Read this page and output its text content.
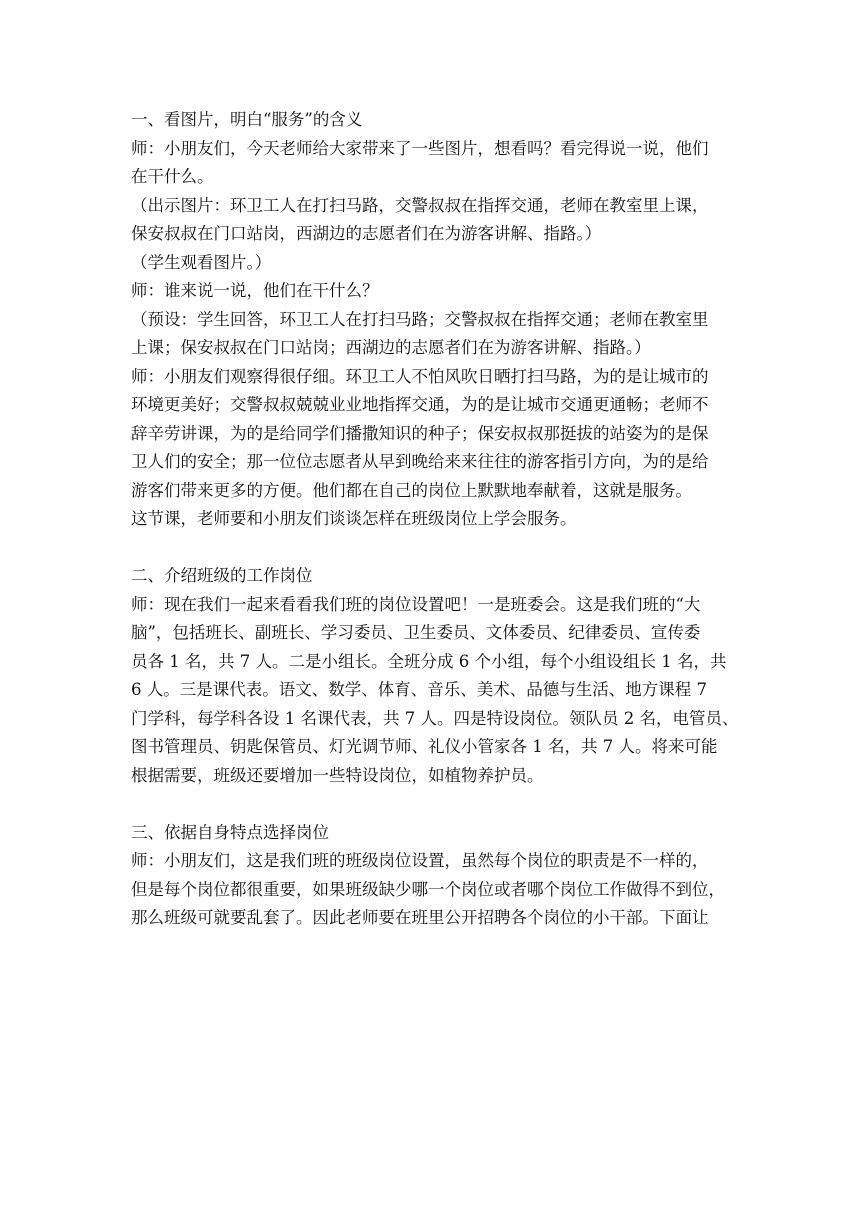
一、看图片，明白“服务”的含义
师：小朋友们，今天老师给大家带来了一些图片，想看吗？看完得说一说，他们
在干什么。
（出示图片：环卫工人在打扫马路，交警叔叔在指挥交通，老师在教室里上课，
保安叔叔在门口站岗，西湖边的志愿者们在为游客讲解、指路。）
（学生观看图片。）
师：谁来说一说，他们在干什么？
（预设：学生回答，环卫工人在打扫马路；交警叔叔在指挥交通；老师在教室里
上课；保安叔叔在门口站岗；西湖边的志愿者们在为游客讲解、指路。）
师：小朋友们观察得很仔细。环卫工人不怕风吹日晒打扫马路，为的是让城市的
环境更美好；交警叔叔兢兢业业地指挥交通，为的是让城市交通更通畅；老师不
辞辛劳讲课，为的是给同学们播撒知识的种子；保安叔叔那挺拔的站姿为的是保
卫人们的安全；那一位位志愿者从早到晚给来来往往的游客指引方向，为的是给
游客们带来更多的方便。他们都在自己的岗位上默默地奉献着，这就是服务。
这节课，老师要和小朋友们谈谈怎样在班级岗位上学会服务。
二、介绍班级的工作岗位
师：现在我们一起来看看我们班的岗位设置吧！一是班委会。这是我们班的“大
脑”，包括班长、副班长、学习委员、卫生委员、文体委员、纪律委员、宣传委
员各 1 名，共 7 人。二是小组长。全班分成 6 个小组，每个小组设组长 1 名，共
6 人。三是课代表。语文、数学、体育、音乐、美术、品德与生活、地方课程 7
门学科，每学科各设 1 名课代表，共 7 人。四是特设岗位。领队员 2 名，电管员、
图书管理员、钥匙保管员、灯光调节师、礼仪小管家各 1 名，共 7 人。将来可能
根据需要，班级还要增加一些特设岗位，如植物养护员。
三、依据自身特点选择岗位
师：小朋友们，这是我们班的班级岗位设置，虽然每个岗位的职责是不一样的，
但是每个岗位都很重要，如果班级缺少哪一个岗位或者哪个岗位工作做得不到位，
那么班级可就要乱套了。因此老师要在班里公开招聘各个岗位的小干部。下面让
